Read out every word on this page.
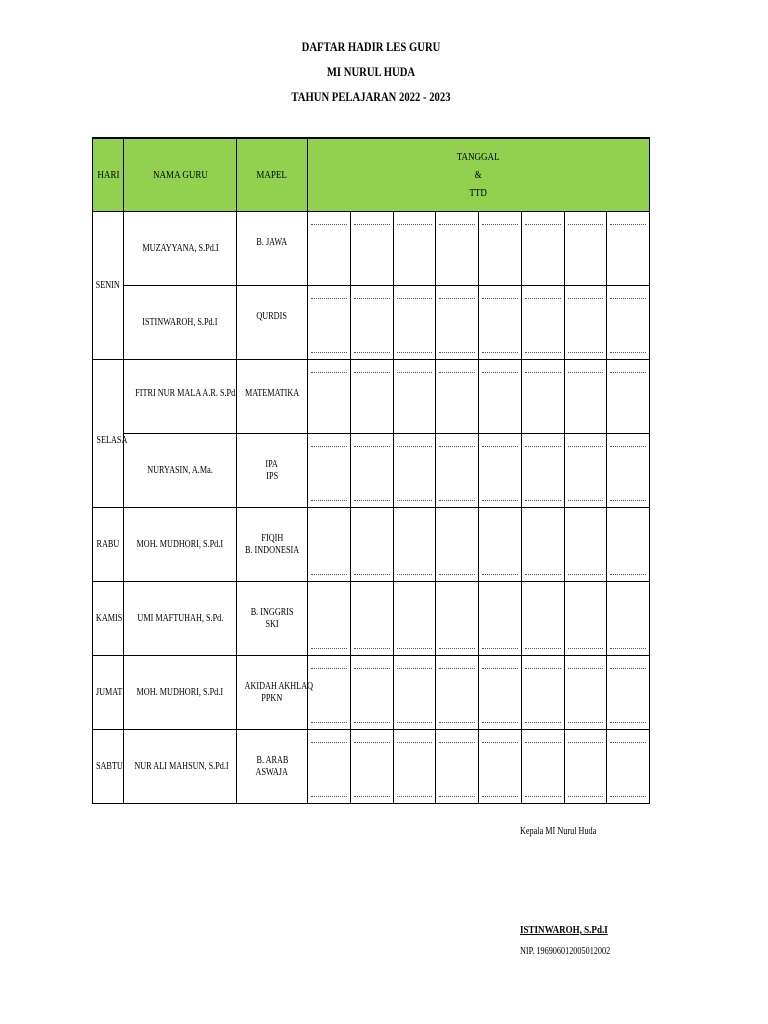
DAFTAR HADIR LES GURU
MI NURUL HUDA
TAHUN PELAJARAN 2022 - 2023
HARI	NAMA GURU	MAPEL	TANGGAL
&
TTD							
SENIN	MUZAYYANA, S.Pd.I	B. JAWA

	ISTINWAROH, S.Pd.I	QURDIS

SELASA	FITRI NUR MALA A.R. S.Pd.	MATEMATIKA

	NURYASIN, A.Ma.	IPA
IPS	

RABU	MOH. MUDHORI, S.Pd.I	FIQIH
B. INDONESIA	

KAMIS	UMI MAFTUHAH, S.Pd.	B. INGGRIS
SKI	

JUMAT	MOH. MUDHORI, S.Pd.I	AKIDAH AKHLAQ
PPKN	

SABTU	NUR ALI MAHSUN, S.Pd.I	B. ARAB
ASWAJA	

Kepala MI Nurul Huda
ISTINWAROH, S.Pd.I
NIP. 196906012005012002
